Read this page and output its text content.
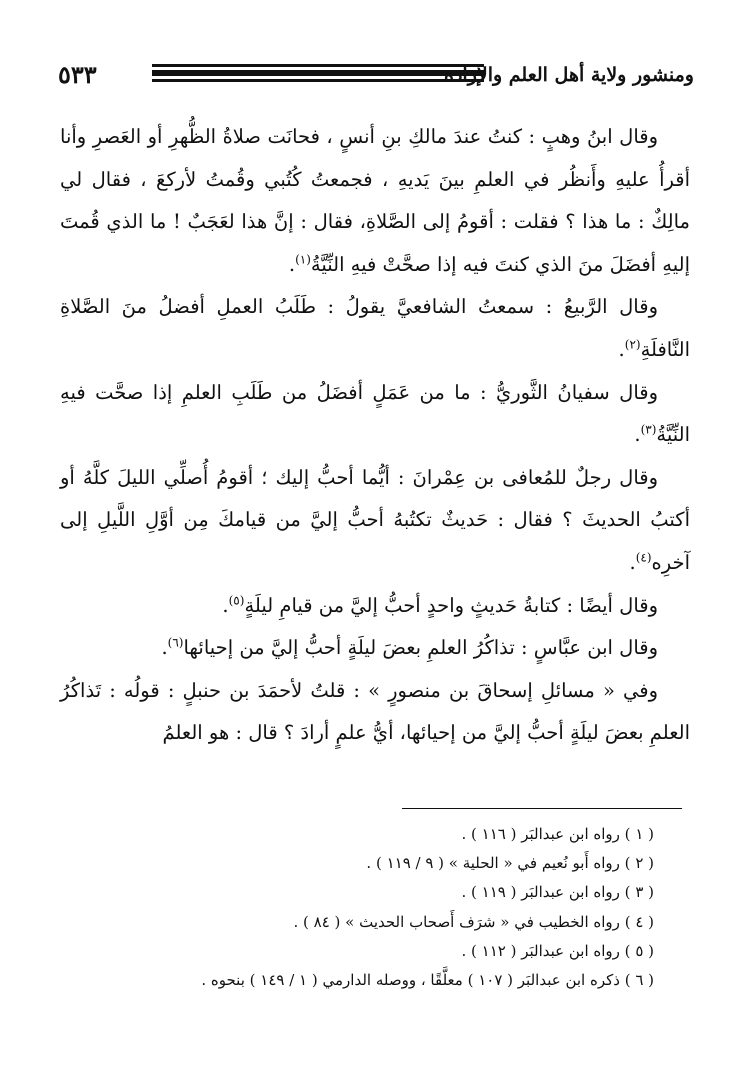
٥٣٣	ومنشور ولاية أهل العلم والإرادة

وقال ابنُ وهبٍ : كنتُ عندَ مالكِ بنِ أنسٍ ، فحانَت صلاةُ الظُّهرِ أو العَصرِ وأنا أقرأُ عليهِ وأَنظُر في العلمِ بينَ يَديهِ ، فجمعتُ كُتُبي وقُمتُ لأركعَ ، فقال لي مالِكٌ : ما هذا ؟ فقلت : أقومُ إلى الصَّلاةِ، فقال : إنَّ هذا لعَجَبٌ ! ما الذي قُمتَ إليهِ أفضَلَ منَ الذي كنتَ فيه إذا صحَّتْ فيهِ النِّيَّةُ$^{(١)}$.

وقال الرَّبيعُ : سمعتُ الشافعيَّ يقولُ : طَلَبُ العملِ أفضلُ منَ الصَّلاةِ النَّافلَةِ$^{(٢)}$.

وقال سفيانُ الثَّوريُّ : ما من عَمَلٍ أفضَلُ من طَلَبِ العلمِ إذا صحَّت فيهِ النِّيَّةُ$^{(٣)}$.

وقال رجلٌ للمُعافى بن عِمْرانَ : أيُّما أحبُّ إليك ؛ أقومُ أُصلِّي الليلَ كلَّهُ أو أكتبُ الحديثَ ؟ فقال : حَديثٌ تكتُبهُ أحبُّ إليَّ من قيامكَ مِن أوَّلِ اللَّيلِ إلى آخرِه$^{(٤)}$.

وقال أيضًا : كتابةُ حَديثٍ واحدٍ أحبُّ إليَّ من قيامِ ليلَةٍ$^{(٥)}$.

وقال ابن عبَّاسٍ : تذاكُرُ العلمِ بعضَ ليلَةٍ أحبُّ إليَّ من إحيائها$^{(٦)}$.

وفي « مسائلِ إسحاقَ بن منصورٍ » : قلتُ لأحمَدَ بن حنبلٍ : قولُه : تَذاكُرُ العلمِ بعضَ ليلَةٍ أحبُّ إليَّ من إحيائها، أيُّ علمٍ أرادَ ؟ قال : هو العلمُ

( ١ ) رواه ابن عبدالبَر ( ١١٦ ) .

( ٢ ) رواه أَبو نُعيم في « الحلية » ( ٩ / ١١٩ ) .

( ٣ ) رواه ابن عبدالبَر ( ١١٩ ) .

( ٤ ) رواه الخطيب في « شرَف أَصحاب الحديث » ( ٨٤ ) .

( ٥ ) رواه ابن عبدالبَر ( ١١٢ ) .

( ٦ ) ذكره ابن عبدالبَر ( ١٠٧ ) معلَّقًا ، ووصله الدارمي ( ١ / ١٤٩ ) بنحوه .
